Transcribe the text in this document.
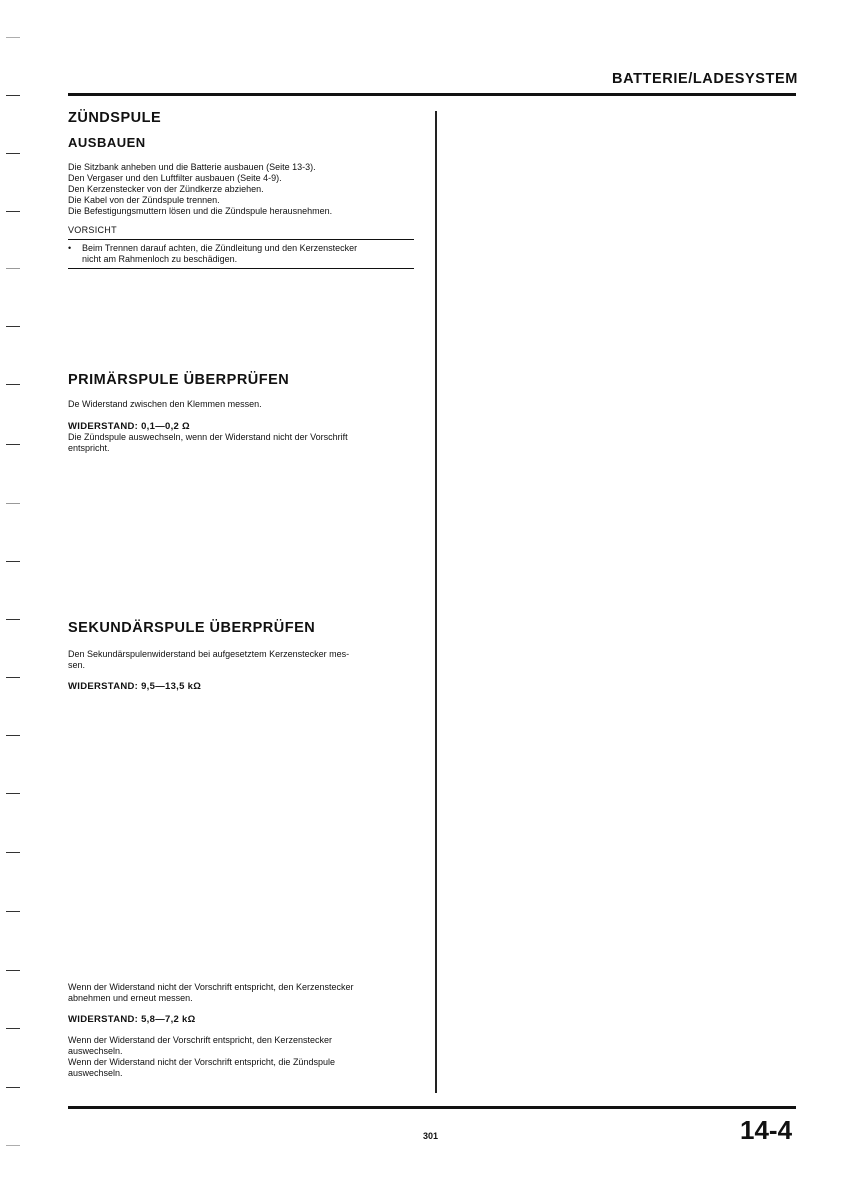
BATTERIE/LADESYSTEM
ZÜNDSPULE
AUSBAUEN
Die Sitzbank anheben und die Batterie ausbauen (Seite 13-3).
Den Vergaser und den Luftfilter ausbauen (Seite 4-9).
Den Kerzenstecker von der Zündkerze abziehen.
Die Kabel von der Zündspule trennen.
Die Befestigungsmuttern lösen und die Zündspule herausnehmen.
VORSICHT
•	Beim Trennen darauf achten, die Zündleitung und den Kerzenstecker
nicht am Rahmenloch zu beschädigen.
PRIMÄRSPULE ÜBERPRÜFEN

De Widerstand zwischen den Klemmen messen.

WIDERSTAND: 0,1—0,2 Ω
Die Zündspule auswechseln, wenn der Widerstand nicht der Vorschrift
entspricht.
SEKUNDÄRSPULE ÜBERPRÜFEN
Den Sekundärspulenwiderstand bei aufgesetztem Kerzenstecker mes-
sen.
WIDERSTAND: 9,5—13,5 kΩ
Wenn der Widerstand nicht der Vorschrift entspricht, den Kerzenstecker
abnehmen und erneut messen.
WIDERSTAND: 5,8—7,2 kΩ
Wenn der Widerstand der Vorschrift entspricht, den Kerzenstecker
auswechseln.
Wenn der Widerstand nicht der Vorschrift entspricht, die Zündspule
auswechseln.
301	14-4
